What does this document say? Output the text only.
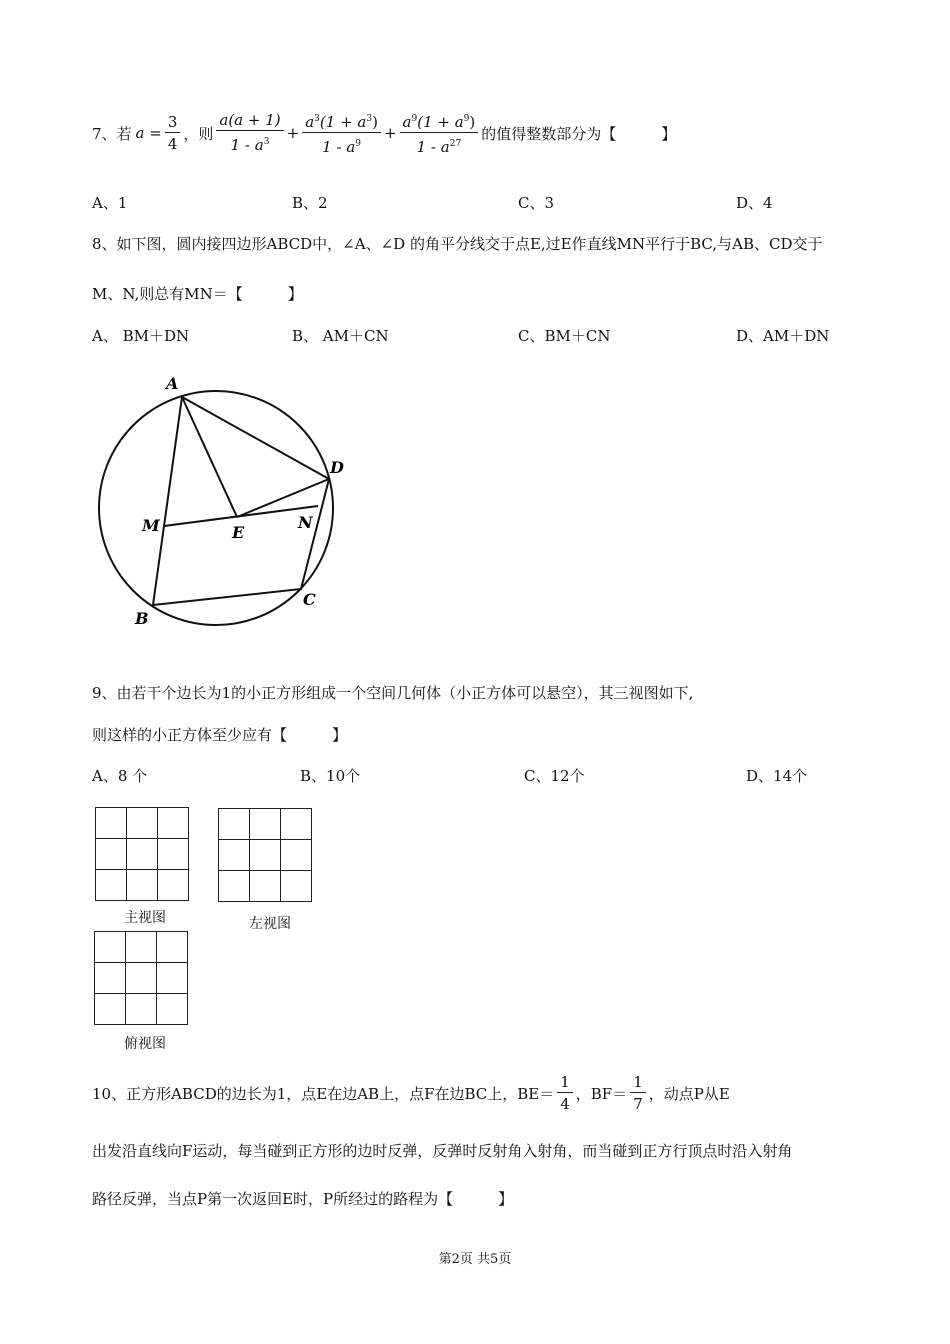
7、若 $a = \frac{3}{4}$ ，则 $\frac{a(a + 1)}{1 - a^3} + \frac{a^3(1 + a^3)}{1 - a^9} + \frac{a^9(1 + a^9)}{1 - a^{27}}$ 的值得整数部分为【　　　】
A、1	B、2	C、3	D、4
8、如下图，圆内接四边形ABCD中，∠A、∠D 的角平分线交于点E,过E作直线MN平行于BC,与AB、CD交于
M、N,则总有MN＝【　　　】
A、 BM＋DN	B、 AM＋CN	C、BM＋CN	D、AM＋DN
A
D
M	E
N
C
B
9、由若干个边长为1的小正方形组成一个空间几何体（小正方体可以悬空），其三视图如下,
则这样的小正方体至少应有【　　　】
A、8 个	B、10个	C、12个	D、14个

主视图

			左视图

俯视图
10、正方形ABCD的边长为1，点E在边AB上，点F在边BC上，$BE= \frac{1}{4}$ ，$BF= \frac{1}{7}$ ，动点P从E
出发沿直线向F运动，每当碰到正方形的边时反弹，反弹时反射角入射角，而当碰到正方行顶点时沿入射角
路径反弹，当点P第一次返回E时，P所经过的路程为【　　　】
第2页 共5页
